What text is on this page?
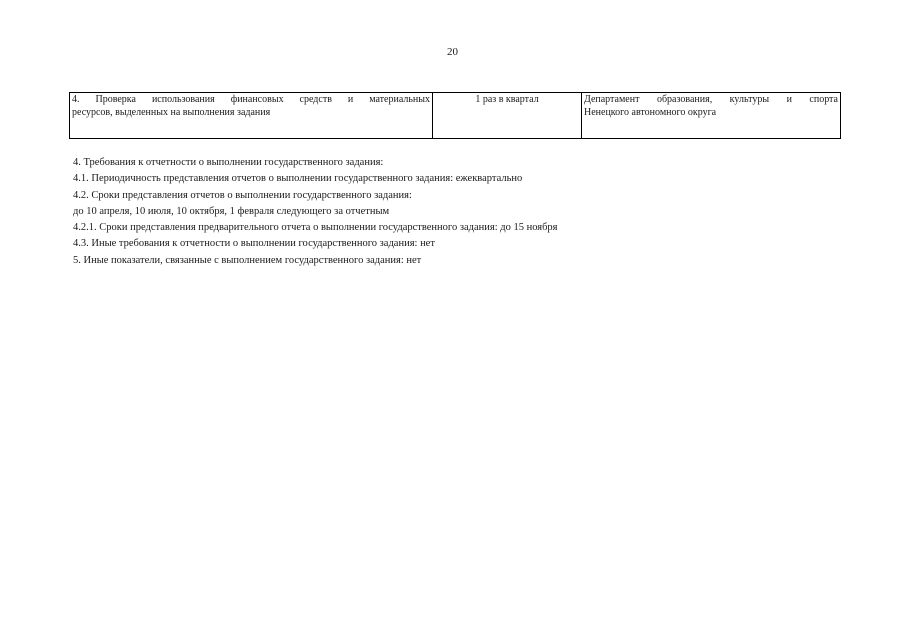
20
4. Проверка использования финансовых средств и материальных
ресурсов, выделенных на выполнения задания	1 раз в квартал	Департамент образования, культуры и спорта
Ненецкого автономного округа
4. Требования к отчетности о выполнении государственного задания:
4.1. Периодичность представления отчетов о выполнении государственного задания: ежеквартально
4.2. Сроки представления отчетов о выполнении государственного задания:
до 10 апреля, 10 июля, 10 октября, 1 февраля следующего за отчетным
4.2.1. Сроки представления предварительного отчета о выполнении государственного задания: до 15 ноября
4.3. Иные требования к отчетности о выполнении государственного задания: нет
5. Иные показатели, связанные с выполнением государственного задания: нет
